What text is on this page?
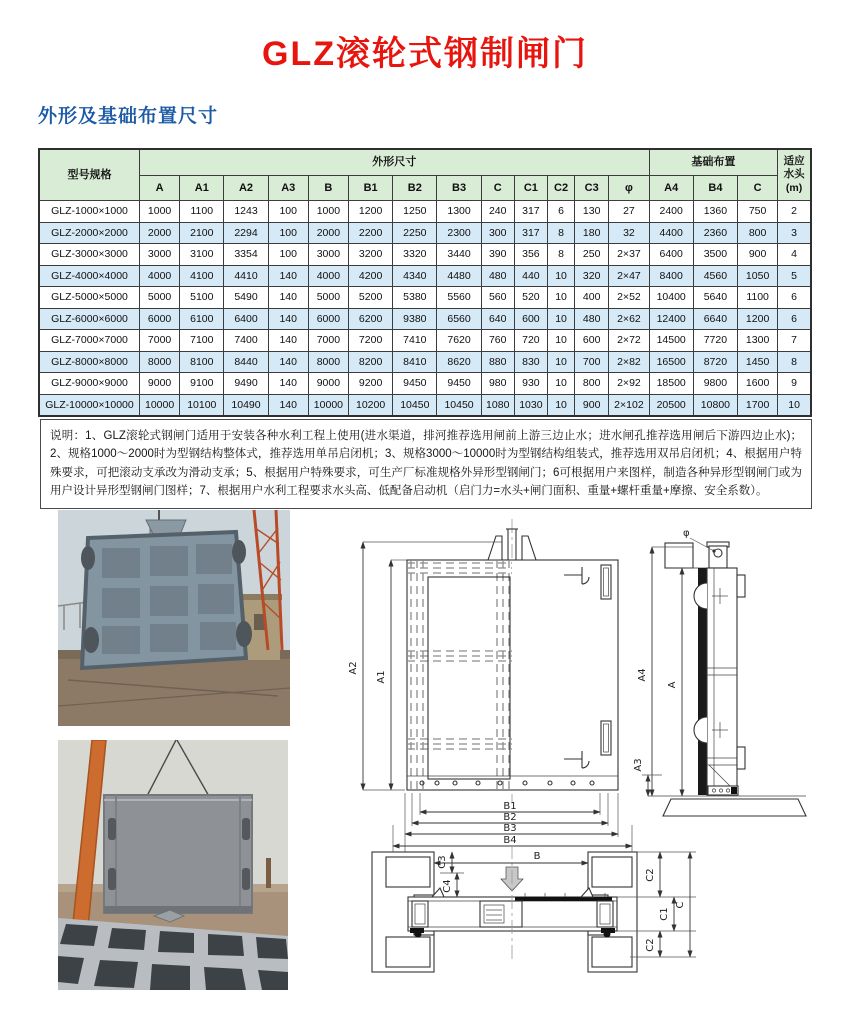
GLZ滚轮式钢制闸门
外形及基础布置尺寸
型号规格	外形尺寸													基础布置			适应水头(m)
	A	A1	A2	A3	B	B1	B2	B3	C	C1	C2	C3	φ	A4	B4	C	
GLZ-1000×1000	1000	1100	1243	100	1000	1200	1250	1300	240	317	6	130	27	2400	1360	750	2
GLZ-2000×2000	2000	2100	2294	100	2000	2200	2250	2300	300	317	8	180	32	4400	2360	800	3
GLZ-3000×3000	3000	3100	3354	100	3000	3200	3320	3440	390	356	8	250	2×37	6400	3500	900	4
GLZ-4000×4000	4000	4100	4410	140	4000	4200	4340	4480	480	440	10	320	2×47	8400	4560	1050	5
GLZ-5000×5000	5000	5100	5490	140	5000	5200	5380	5560	560	520	10	400	2×52	10400	5640	1100	6
GLZ-6000×6000	6000	6100	6400	140	6000	6200	9380	6560	640	600	10	480	2×62	12400	6640	1200	6
GLZ-7000×7000	7000	7100	7400	140	7000	7200	7410	7620	760	720	10	600	2×72	14500	7720	1300	7
GLZ-8000×8000	8000	8100	8440	140	8000	8200	8410	8620	880	830	10	700	2×82	16500	8720	1450	8
GLZ-9000×9000	9000	9100	9490	140	9000	9200	9450	9450	980	930	10	800	2×92	18500	9800	1600	9
GLZ-10000×10000	10000	10100	10490	140	10000	10200	10450	10450	1080	1030	10	900	2×102	20500	10800	1700	10
说明：1、GLZ滚轮式钢闸门适用于安装各种水利工程上使用(进水渠道，排河推荐选用闸前上游三边止水；进水闸孔推荐选用闸后下游四边止水)；2、规格1000～2000时为型钢结构整体式，推荐选用单吊启闭机；3、规格3000～10000时为型钢结构组装式，推荐选用双吊启闭机；4、根据用户特殊要求，可把滚动支承改为滑动支承；5、根据用户特殊要求，可生产厂标准规格外异形型钢闸门；6可根据用户来图样，制造各种异形型钢闸门或为用户设计异形型钢闸门图样；7、根据用户水利工程要求水头高、低配备启动机（启门力=水头+闸门面积、重量+螺杆重量+摩擦、安全系数）。
A2
A1
B1
B2
B3
B4
φ
A4
A
A3
B
C3
C4
C2
C1
C
C2
